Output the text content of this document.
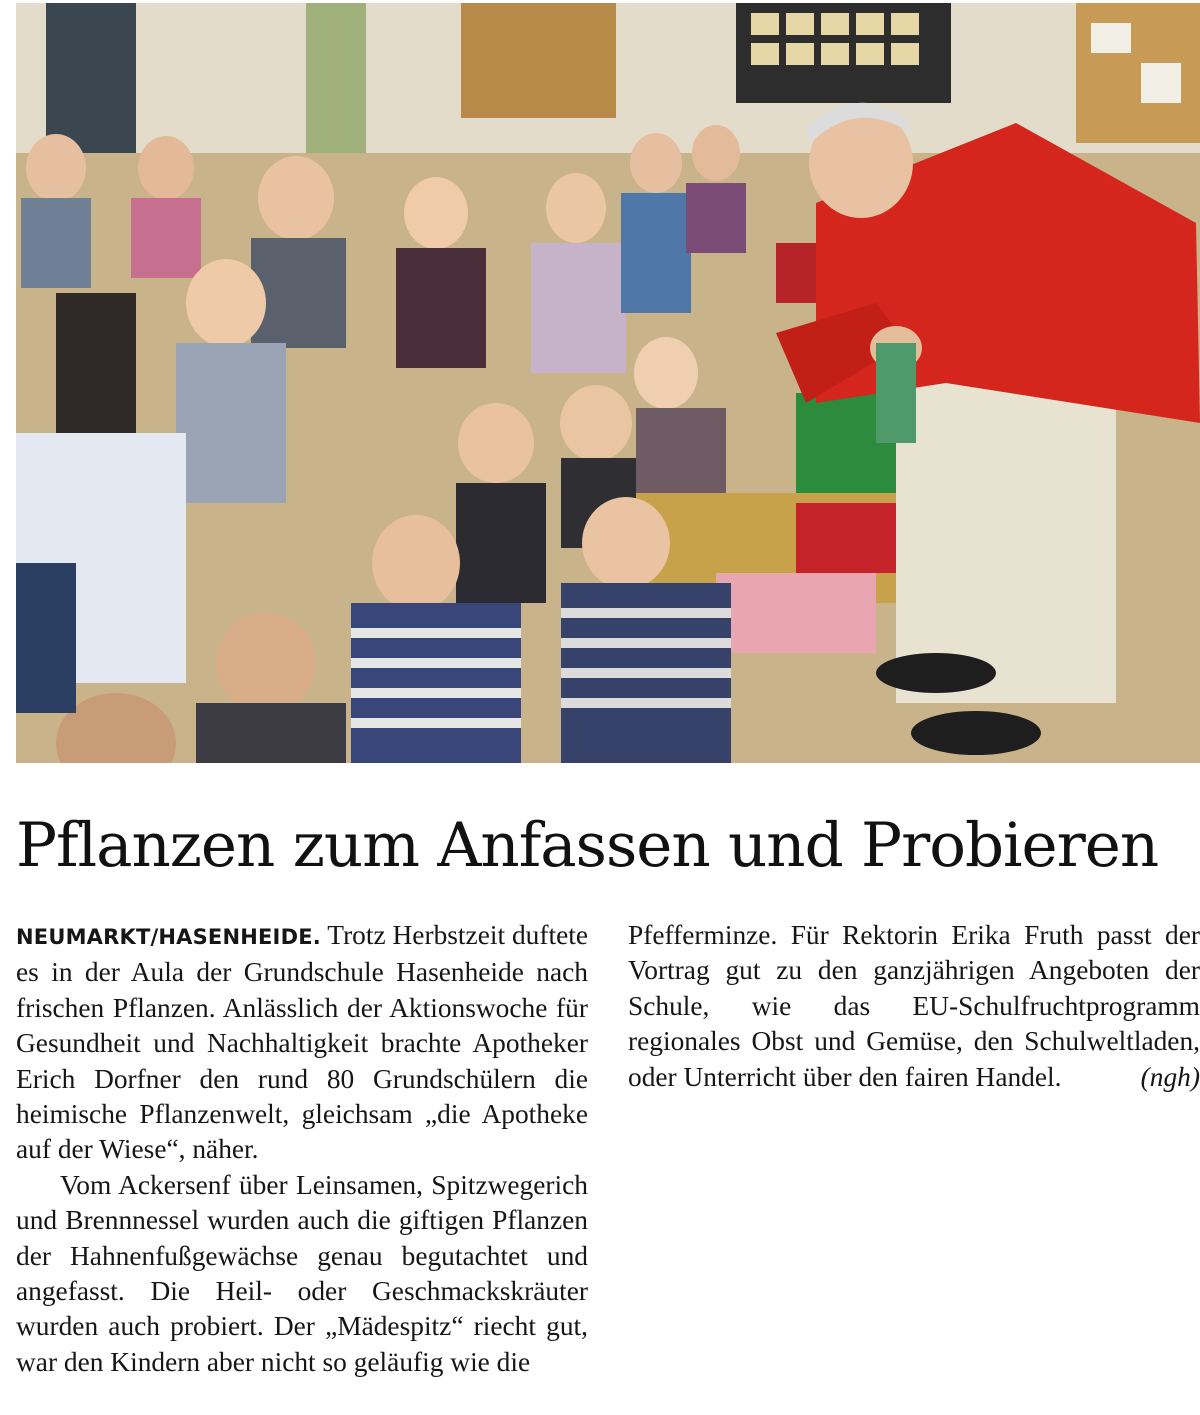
Pflanzen zum Anfassen und Probieren

NEUMARKT/HASENHEIDE. Trotz Herbstzeit duftete es in der Aula der Grundschule Hasenheide nach frischen Pflanzen. Anlässlich der Aktionswoche für Gesundheit und Nachhaltigkeit brachte Apotheker Erich Dorfner den rund 80 Grundschülern die heimische Pflanzenwelt, gleichsam „die Apotheke auf der Wiese“, näher.

Vom Ackersenf über Leinsamen, Spitzwegerich und Brennnessel wurden auch die giftigen Pflanzen der Hahnenfußgewächse genau begutachtet und angefasst. Die Heil- oder Geschmackskräuter wurden auch probiert. Der „Mädespitz“ riecht gut, war den Kindern aber nicht so geläufig wie die

Pfefferminze. Für Rektorin Erika Fruth passt der Vortrag gut zu den ganzjährigen Angeboten der Schule, wie das EU-Schulfruchtprogramm regionales Obst und Gemüse, den Schulweltladen, oder Unterricht über den fairen Handel.	(ngh)
